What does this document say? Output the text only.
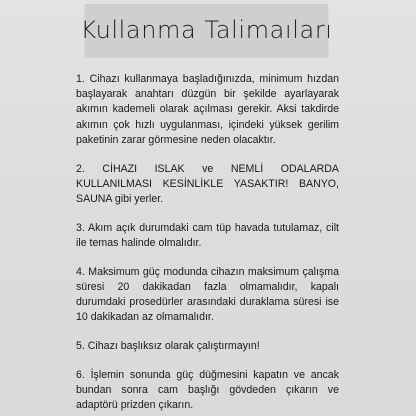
Kullanma Talimaıları

1. Cihazı kullanmaya başladığınızda, minimum hızdan başlayarak anahtarı düzgün bir şekilde ayarlayarak akımın kademeli olarak açılması gerekir. Aksi takdirde akımın çok hızlı uygulanması, içindeki yüksek gerilim paketinin zarar görmesine neden olacaktır.

2. CİHAZI ISLAK ve NEMLİ ODALARDA KULLANILMASI KESİNLİKLE YASAKTIR! BANYO, SAUNA gibi yerler.

3. Akım açık durumdaki cam tüp havada tutulamaz, cilt ile temas halinde olmalıdır.

4. Maksimum güç modunda cihazın maksimum çalışma süresi 20 dakikadan fazla olmamalıdır, kapalı durumdaki prosedürler arasındaki duraklama süresi ise 10 dakikadan az olmamalıdır.

5. Cihazı başlıksız olarak çalıştırmayın!

6. İşlemin sonunda güç düğmesini kapatın ve ancak bundan sonra cam başlığı gövdeden çıkarın ve adaptörü prizden çıkarın.
